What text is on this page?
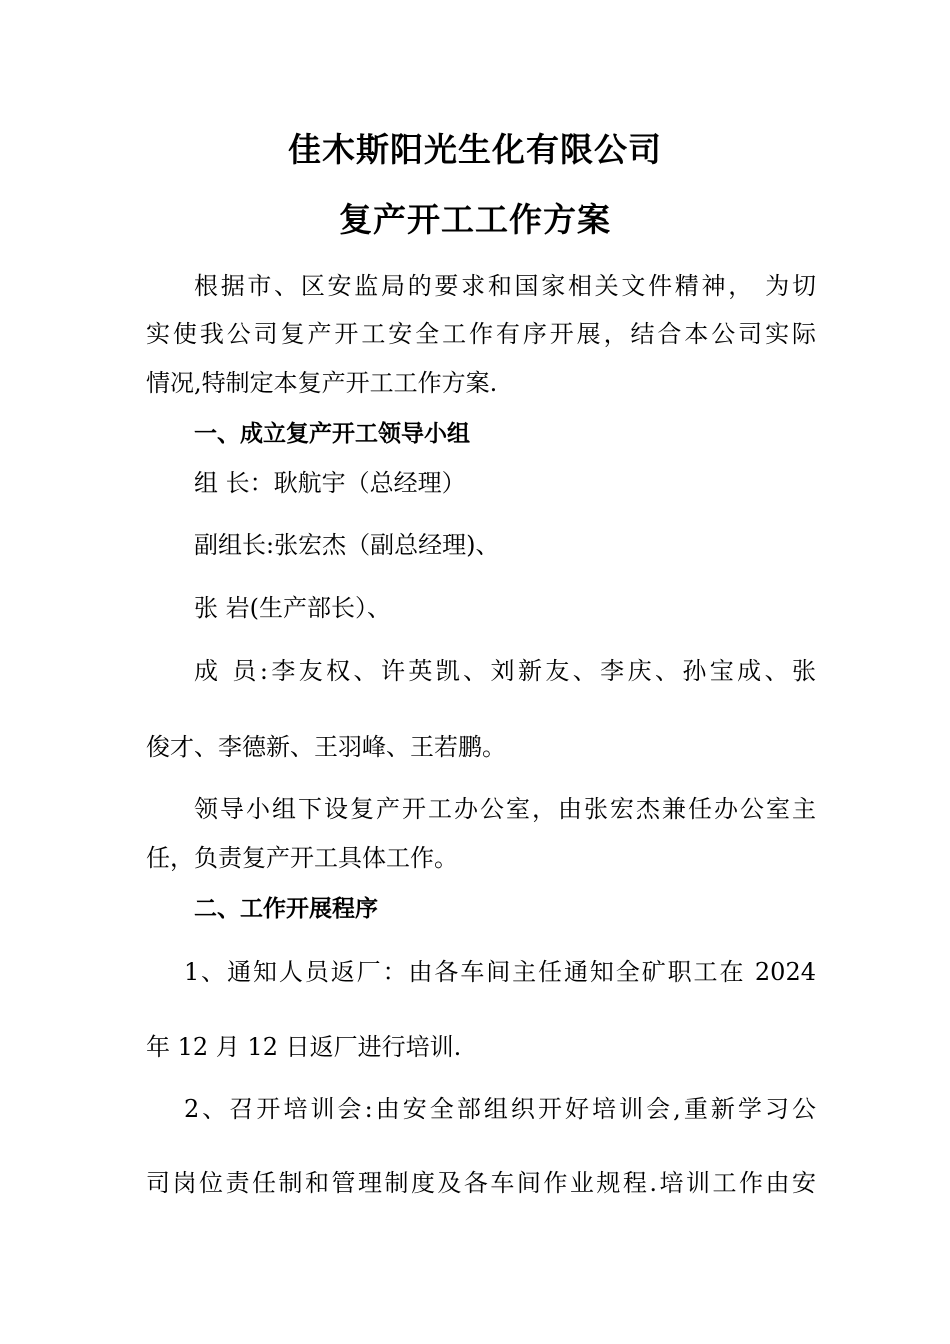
佳木斯阳光生化有限公司
复产开工工作方案
根据市、区安监局的要求和国家相关文件精神， 为切
实使我公司复产开工安全工作有序开展，结合本公司实际
情况,特制定本复产开工工作方案.
一、成立复产开工领导小组
组 长：耿航宇（总经理）
副组长:张宏杰（副总经理)、
张 岩(生产部长）、
成 员:李友权、许英凯、刘新友、李庆、孙宝成、张
俊才、李德新、王羽峰、王若鹏。
领导小组下设复产开工办公室，由张宏杰兼任办公室主
任，负责复产开工具体工作。
二、工作开展程序
1、通知人员返厂：由各车间主任通知全矿职工在 2024
年 12 月 12 日返厂进行培训.
2、召开培训会:由安全部组织开好培训会,重新学习公
司岗位责任制和管理制度及各车间作业规程.培训工作由安
